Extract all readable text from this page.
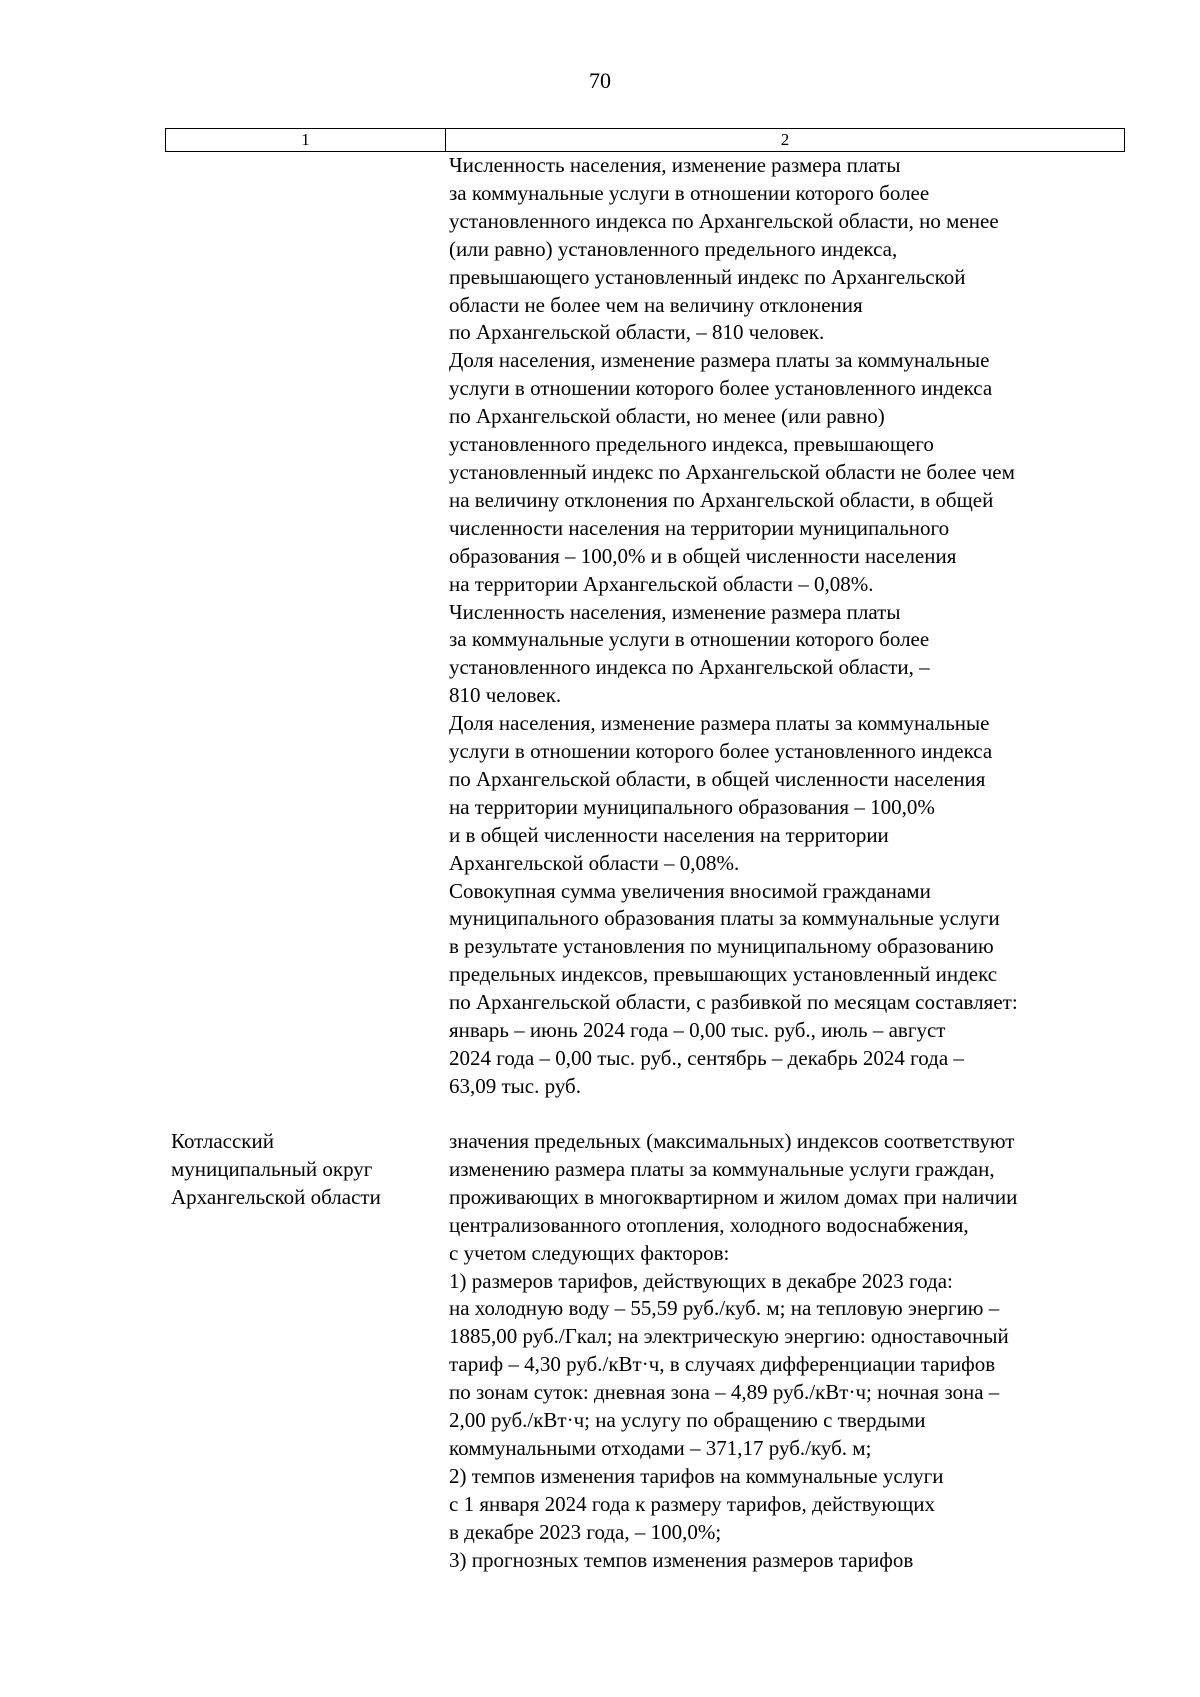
70
1	2
Численность населения, изменение размера платы
за коммунальные услуги в отношении которого более
установленного индекса по Архангельской области, но менее
(или равно) установленного предельного индекса,
превышающего установленный индекс по Архангельской
области не более чем на величину отклонения
по Архангельской области, – 810 человек.
Доля населения, изменение размера платы за коммунальные
услуги в отношении которого более установленного индекса
по Архангельской области, но менее (или равно)
установленного предельного индекса, превышающего
установленный индекс по Архангельской области не более чем
на величину отклонения по Архангельской области, в общей
численности населения на территории муниципального
образования – 100,0% и в общей численности населения
на территории Архангельской области – 0,08%.
Численность населения, изменение размера платы
за коммунальные услуги в отношении которого более
установленного индекса по Архангельской области, –
810 человек.
Доля населения, изменение размера платы за коммунальные
услуги в отношении которого более установленного индекса
по Архангельской области, в общей численности населения
на территории муниципального образования – 100,0%
и в общей численности населения на территории
Архангельской области – 0,08%.
Совокупная сумма увеличения вносимой гражданами
муниципального образования платы за коммунальные услуги
в результате установления по муниципальному образованию
предельных индексов, превышающих установленный индекс
по Архангельской области, с разбивкой по месяцам составляет:
январь – июнь 2024 года – 0,00 тыс. руб., июль – август
2024 года – 0,00 тыс. руб., сентябрь – декабрь 2024 года –
63,09 тыс. руб.
Котласский
муниципальный округ
Архангельской области
значения предельных (максимальных) индексов соответствуют
изменению размера платы за коммунальные услуги граждан,
проживающих в многоквартирном и жилом домах при наличии
централизованного отопления, холодного водоснабжения,
с учетом следующих факторов:
1) размеров тарифов, действующих в декабре 2023 года:
на холодную воду – 55,59 руб./куб. м; на тепловую энергию –
1885,00 руб./Гкал; на электрическую энергию: одноставочный
тариф – 4,30 руб./кВт·ч, в случаях дифференциации тарифов
по зонам суток: дневная зона – 4,89 руб./кВт·ч; ночная зона –
2,00 руб./кВт·ч; на услугу по обращению с твердыми
коммунальными отходами – 371,17 руб./куб. м;
2) темпов изменения тарифов на коммунальные услуги
с 1 января 2024 года к размеру тарифов, действующих
в декабре 2023 года, – 100,0%;
3) прогнозных темпов изменения размеров тарифов
